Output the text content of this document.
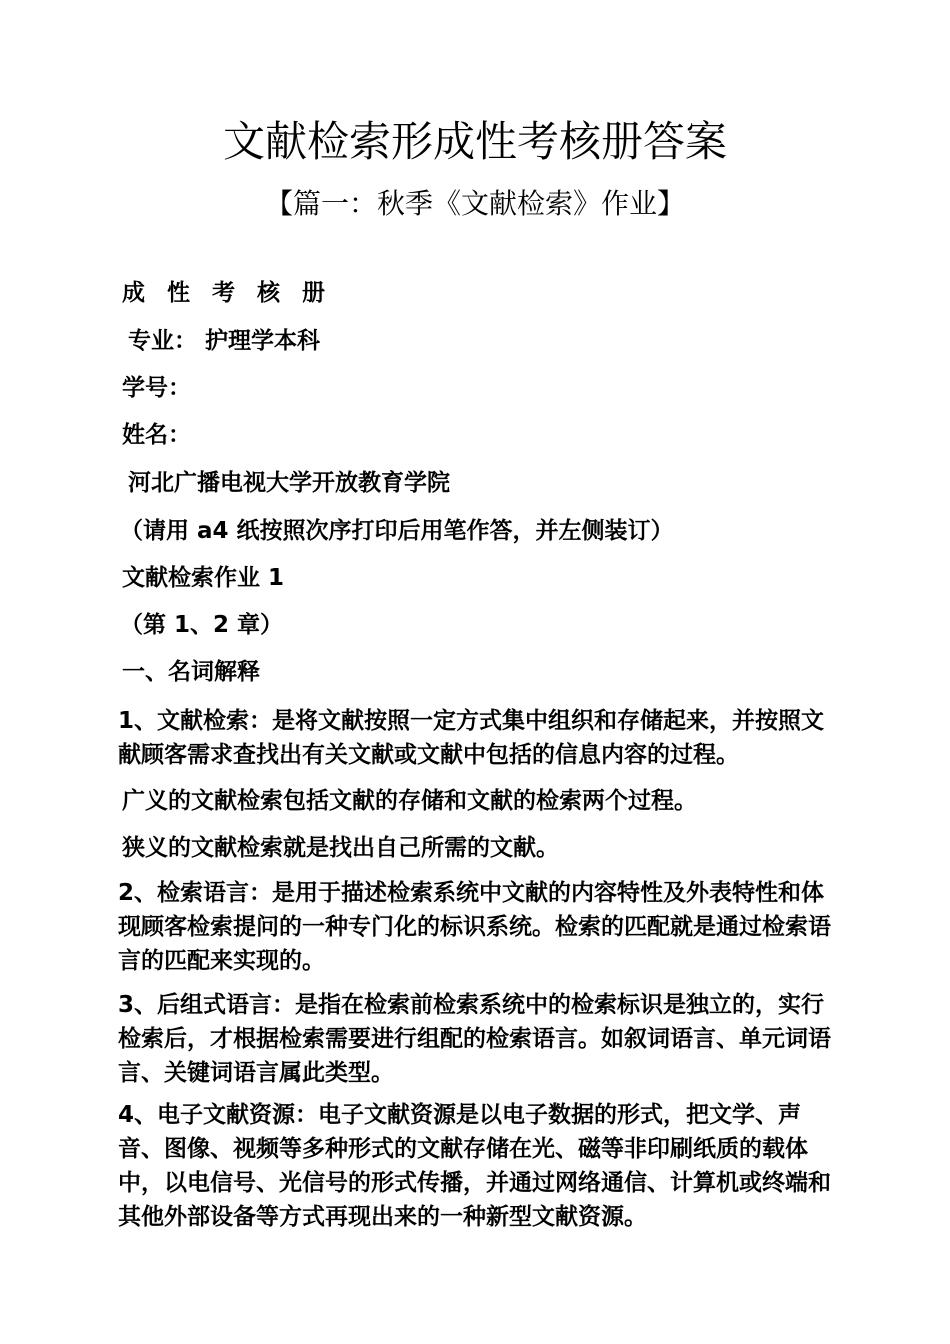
文献检索形成性考核册答案
【篇一：秋季《文献检索》作业】
成 性 考 核 册
专业： 护理学本科
学号：
姓名：
河北广播电视大学开放教育学院
（请用 a4 纸按照次序打印后用笔作答，并左侧装订）
文献检索作业 1
（第 1、2 章）
一、名词解释
1、文献检索：是将文献按照一定方式集中组织和存储起来，并按照文献顾客需求查找出有关文献或文献中包括的信息内容的过程。
广义的文献检索包括文献的存储和文献的检索两个过程。
狭义的文献检索就是找出自己所需的文献。
2、检索语言：是用于描述检索系统中文献的内容特性及外表特性和体现顾客检索提问的一种专门化的标识系统。检索的匹配就是通过检索语言的匹配来实现的。
3、后组式语言：是指在检索前检索系统中的检索标识是独立的，实行检索后，才根据检索需要进行组配的检索语言。如叙词语言、单元词语言、关键词语言属此类型。
4、电子文献资源：电子文献资源是以电子数据的形式，把文学、声音、图像、视频等多种形式的文献存储在光、磁等非印刷纸质的载体中，以电信号、光信号的形式传播，并通过网络通信、计算机或终端和其他外部设备等方式再现出来的一种新型文献资源。
